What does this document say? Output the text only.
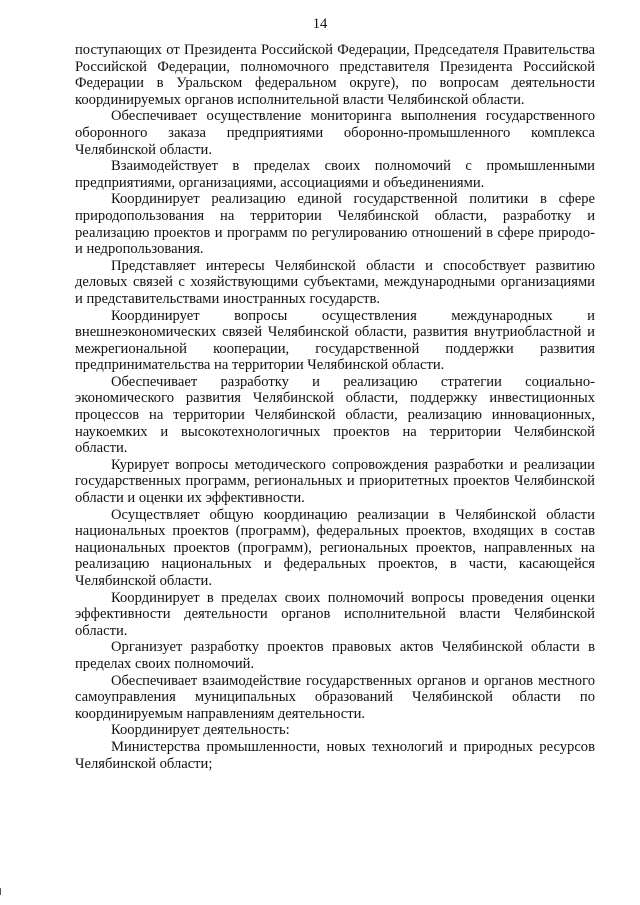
14

поступающих от Президента Российской Федерации, Председателя Правительства Российской Федерации, полномочного представителя Президента Российской Федерации в Уральском федеральном округе), по вопросам деятельности координируемых органов исполнительной власти Челябинской области.

Обеспечивает осуществление мониторинга выполнения государственного оборонного заказа предприятиями оборонно-промышленного комплекса Челябинской области.

Взаимодействует в пределах своих полномочий с промышленными предприятиями, организациями, ассоциациями и объединениями.

Координирует реализацию единой государственной политики в сфере природопользования на территории Челябинской области, разработку и реализацию проектов и программ по регулированию отношений в сфере природо- и недропользования.

Представляет интересы Челябинской области и способствует развитию деловых связей с хозяйствующими субъектами, международными организациями и представительствами иностранных государств.

Координирует вопросы осуществления международных и внешнеэкономических связей Челябинской области, развития внутриобластной и межрегиональной кооперации, государственной поддержки развития предпринимательства на территории Челябинской области.

Обеспечивает разработку и реализацию стратегии социально-экономического развития Челябинской области, поддержку инвестиционных процессов на территории Челябинской области, реализацию инновационных, наукоемких и высокотехнологичных проектов на территории Челябинской области.

Курирует вопросы методического сопровождения разработки и реализации государственных программ, региональных и приоритетных проектов Челябинской области и оценки их эффективности.

Осуществляет общую координацию реализации в Челябинской области национальных проектов (программ), федеральных проектов, входящих в состав национальных проектов (программ), региональных проектов, направленных на реализацию национальных и федеральных проектов, в части, касающейся Челябинской области.

Координирует в пределах своих полномочий вопросы проведения оценки эффективности деятельности органов исполнительной власти Челябинской области.

Организует разработку проектов правовых актов Челябинской области в пределах своих полномочий.

Обеспечивает взаимодействие государственных органов и органов местного самоуправления муниципальных образований Челябинской области по координируемым направлениям деятельности.

Координирует деятельность:

Министерства промышленности, новых технологий и природных ресурсов Челябинской области;
